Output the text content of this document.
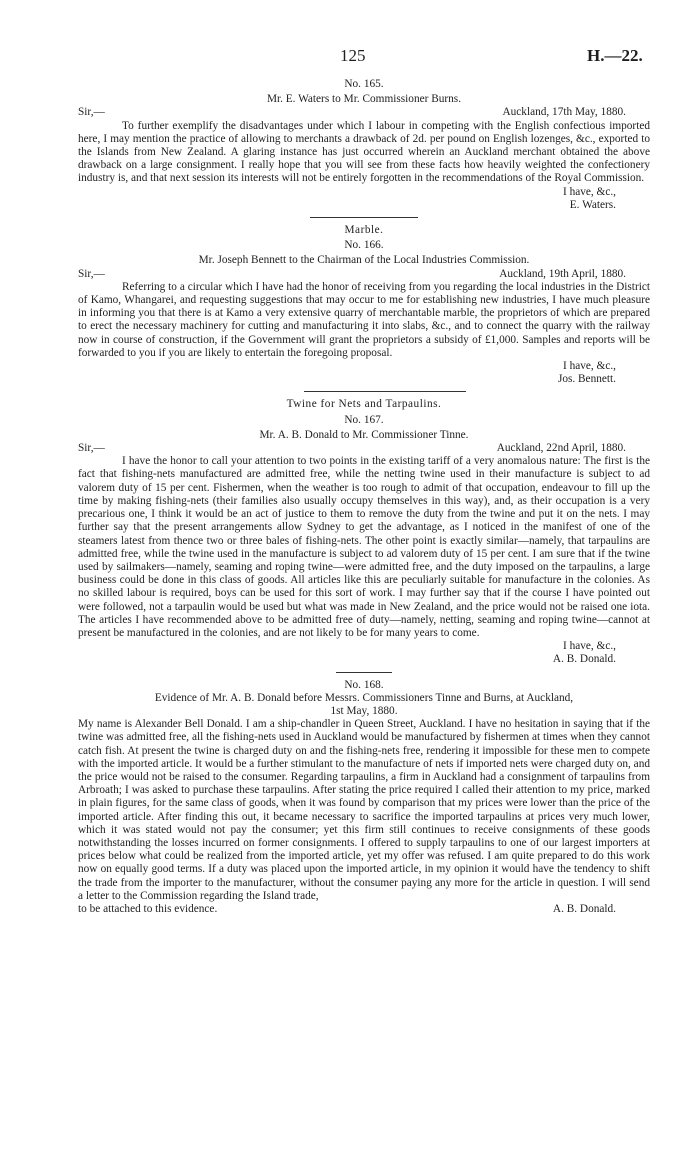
125	H.—22.
No. 165.
Mr. E. Waters to Mr. Commissioner Burns.
Sir,—	Auckland, 17th May, 1880.

To further exemplify the disadvantages under which I labour in competing with the English confectious imported here, I may mention the practice of allowing to merchants a drawback of 2d. per pound on English lozenges, &c., exported to the Islands from New Zealand. A glaring instance has just occurred wherein an Auckland merchant obtained the above drawback on a large consignment. I really hope that you will see from these facts how heavily weighted the confectionery industry is, and that next session its interests will not be entirely forgotten in the recommendations of the Royal Commission.

I have, &c.,
E. Waters.
Marble.
No. 166.
Mr. Joseph Bennett to the Chairman of the Local Industries Commission.
Sir,—	Auckland, 19th April, 1880.

Referring to a circular which I have had the honor of receiving from you regarding the local industries in the District of Kamo, Whangarei, and requesting suggestions that may occur to me for establishing new industries, I have much pleasure in informing you that there is at Kamo a very extensive quarry of merchantable marble, the proprietors of which are prepared to erect the necessary machinery for cutting and manufacturing it into slabs, &c., and to connect the quarry with the railway now in course of construction, if the Government will grant the proprietors a subsidy of £1,000. Samples and reports will be forwarded to you if you are likely to entertain the foregoing proposal.

I have, &c.,
Jos. Bennett.
Twine for Nets and Tarpaulins.
No. 167.
Mr. A. B. Donald to Mr. Commissioner Tinne.
Sir,—	Auckland, 22nd April, 1880.

I have the honor to call your attention to two points in the existing tariff of a very anomalous nature: The first is the fact that fishing-nets manufactured are admitted free, while the netting twine used in their manufacture is subject to ad valorem duty of 15 per cent. Fishermen, when the weather is too rough to admit of that occupation, endeavour to fill up the time by making fishing-nets (their families also usually occupy themselves in this way), and, as their occupation is a very precarious one, I think it would be an act of justice to them to remove the duty from the twine and put it on the nets. I may further say that the present arrangements allow Sydney to get the advantage, as I noticed in the manifest of one of the steamers latest from thence two or three bales of fishing-nets. The other point is exactly similar—namely, that tarpaulins are admitted free, while the twine used in the manufacture is subject to ad valorem duty of 15 per cent. I am sure that if the twine used by sailmakers—namely, seaming and roping twine—were admitted free, and the duty imposed on the tarpaulins, a large business could be done in this class of goods. All articles like this are peculiarly suitable for manufacture in the colonies. As no skilled labour is required, boys can be used for this sort of work. I may further say that if the course I have pointed out were followed, not a tarpaulin would be used but what was made in New Zealand, and the price would not be raised one iota. The articles I have recommended above to be admitted free of duty—namely, netting, seaming and roping twine—cannot at present be manufactured in the colonies, and are not likely to be for many years to come.

I have, &c.,
A. B. Donald.
No. 168.
Evidence of Mr. A. B. Donald before Messrs. Commissioners Tinne and Burns, at Auckland,
1st May, 1880.

My name is Alexander Bell Donald. I am a ship-chandler in Queen Street, Auckland. I have no hesitation in saying that if the twine was admitted free, all the fishing-nets used in Auckland would be manufactured by fishermen at times when they cannot catch fish. At present the twine is charged duty on and the fishing-nets free, rendering it impossible for these men to compete with the imported article. It would be a further stimulant to the manufacture of nets if imported nets were charged duty on, and the price would not be raised to the consumer. Regarding tarpaulins, a firm in Auckland had a consignment of tarpaulins from Arbroath; I was asked to purchase these tarpaulins. After stating the price required I called their attention to my price, marked in plain figures, for the same class of goods, when it was found by comparison that my prices were lower than the price of the imported article. After finding this out, it became necessary to sacrifice the imported tarpaulins at prices very much lower, which it was stated would not pay the consumer; yet this firm still continues to receive consignments of these goods notwithstanding the losses incurred on former consignments. I offered to supply tarpaulins to one of our largest importers at prices below what could be realized from the imported article, yet my offer was refused. I am quite prepared to do this work now on equally good terms. If a duty was placed upon the imported article, in my opinion it would have the tendency to shift the trade from the importer to the manufacturer, without the consumer paying any more for the article in question. I will send a letter to the Commission regarding the Island trade,

to be attached to this evidence.	A. B. Donald.
